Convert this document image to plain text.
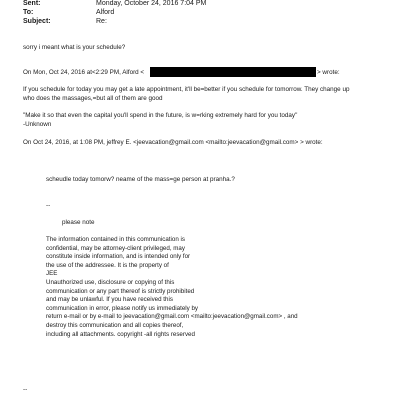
Sent:	Monday, October 24, 2016 7:04 PM
To:	Alford
Subject:	Re:
sorry i meant what is your schedule?
On Mon, Oct 24, 2016 at<2:29 PM, Alford <	> wrote:
If you schedule for today you may get a late appointment, it'll be=better if you schedule for tomorrow. They change up
who does the massages,=but all of them are good
"Make it so that even the capital you'll spend in the future, is w=rking extremely hard for you today"
-Unknown
On Oct 24, 2016, at 1:08 PM, jeffrey E. <jeevacation@gmail.com <mailto:jeevacation@gmail.com> > wrote:
scheudle today tomorw? neame of the mass=ge person at pranha.?
--
please note
The information contained in this communication is
confidential, may be attorney-client privileged, may
constitute inside information, and is intended only for
the use of the addressee. It is the property of
JEE
Unauthorized use, disclosure or copying of this
communication or any part thereof is strictly prohibited
and may be unlawful. If you have received this
communication in error, please notify us immediately by
return e-mail or by e-mail to jeevacation@gmail.com <mailto:jeevacation@gmail.com> , and
destroy this communication and all copies thereof,
including all attachments. copyright -all rights reserved
--
